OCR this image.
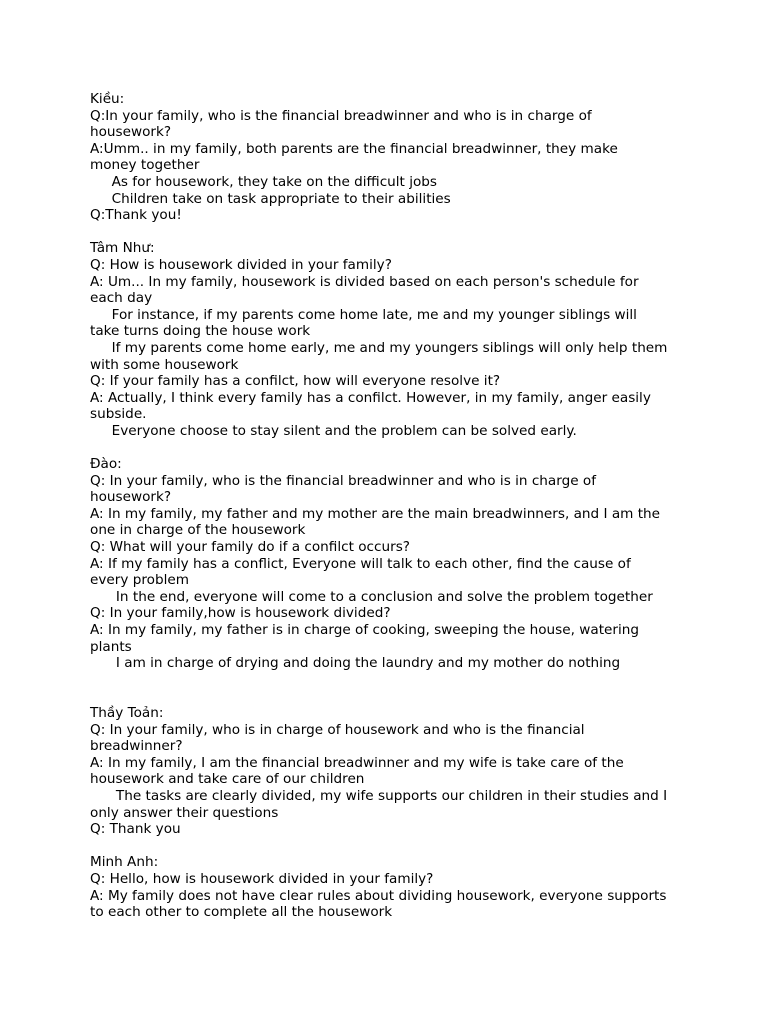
Kiều:
Q:In your family, who is the financial breadwinner and who is in charge of
housework?
A:Umm.. in my family, both parents are the financial breadwinner, they make
money together
As for housework, they take on the difficult jobs
Children take on task appropriate to their abilities
Q:Thank you!
Tâm Như:
Q: How is housework divided in your family?
A: Um... In my family, housework is divided based on each person's schedule for
each day
For instance, if my parents come home late, me and my younger siblings will
take turns doing the house work
If my parents come home early, me and my youngers siblings will only help them
with some housework
Q: If your family has a confilct, how will everyone resolve it?
A: Actually, I think every family has a confilct. However, in my family, anger easily
subside.
Everyone choose to stay silent and the problem can be solved early.
Đào:
Q: In your family, who is the financial breadwinner and who is in charge of
housework?
A: In my family, my father and my mother are the main breadwinners, and I am the
one in charge of the housework
Q: What will your family do if a confilct occurs?
A: If my family has a conflict, Everyone will talk to each other, find the cause of
every problem
In the end, everyone will come to a conclusion and solve the problem together
Q: In your family,how is housework divided?
A: In my family, my father is in charge of cooking, sweeping the house, watering
plants
I am in charge of drying and doing the laundry and my mother do nothing
Thầy Toản:
Q: In your family, who is in charge of housework and who is the financial
breadwinner?
A: In my family, I am the financial breadwinner and my wife is take care of the
housework and take care of our children
The tasks are clearly divided, my wife supports our children in their studies and I
only answer their questions
Q: Thank you
Minh Anh:
Q: Hello, how is housework divided in your family?
A: My family does not have clear rules about dividing housework, everyone supports
to each other to complete all the housework
